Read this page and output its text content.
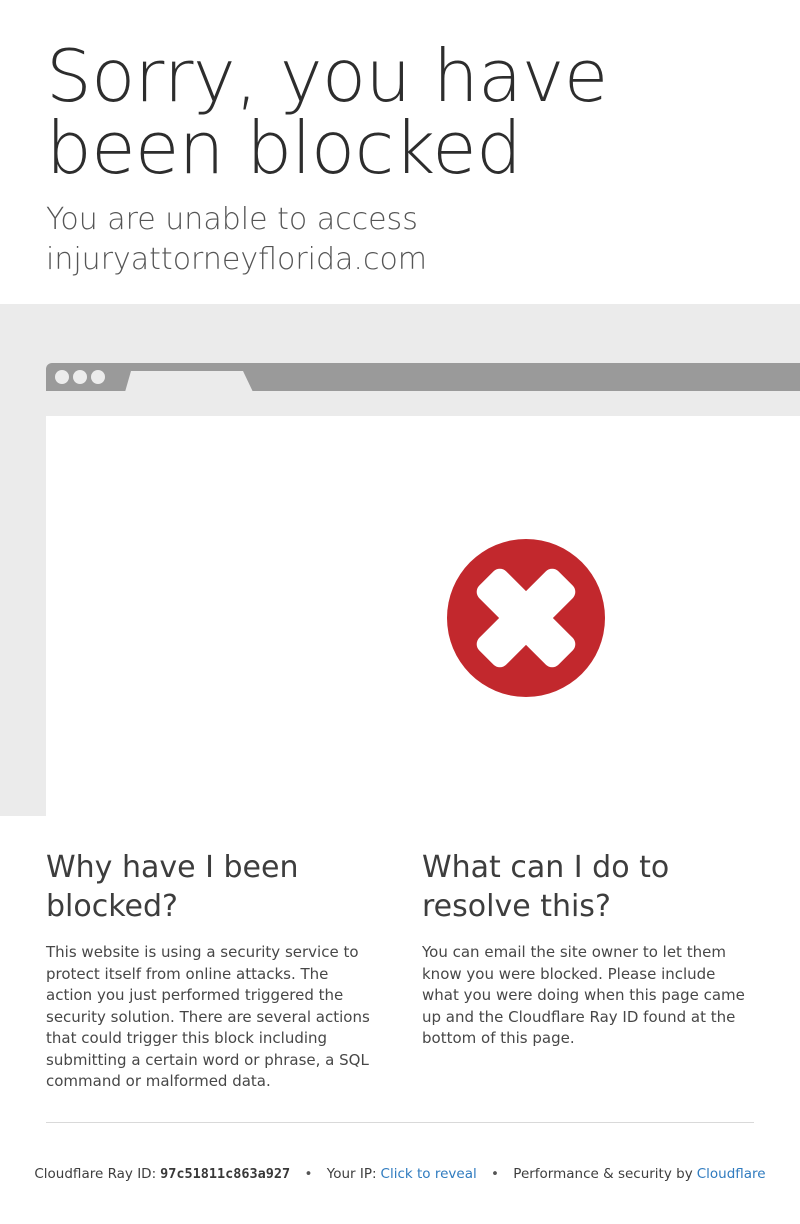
Sorry, you have been blocked

You are unable to access
injuryattorneyflorida.com

Why have I been blocked?

This website is using a security service to protect itself from online attacks. The action you just performed triggered the security solution. There are several actions that could trigger this block including submitting a certain word or phrase, a SQL command or malformed data.

What can I do to resolve this?

You can email the site owner to let them know you were blocked. Please include what you were doing when this page came up and the Cloudflare Ray ID found at the bottom of this page.

Cloudflare Ray ID: 97c51811c863a927 • Your IP: Click to reveal • Performance & security by Cloudflare
